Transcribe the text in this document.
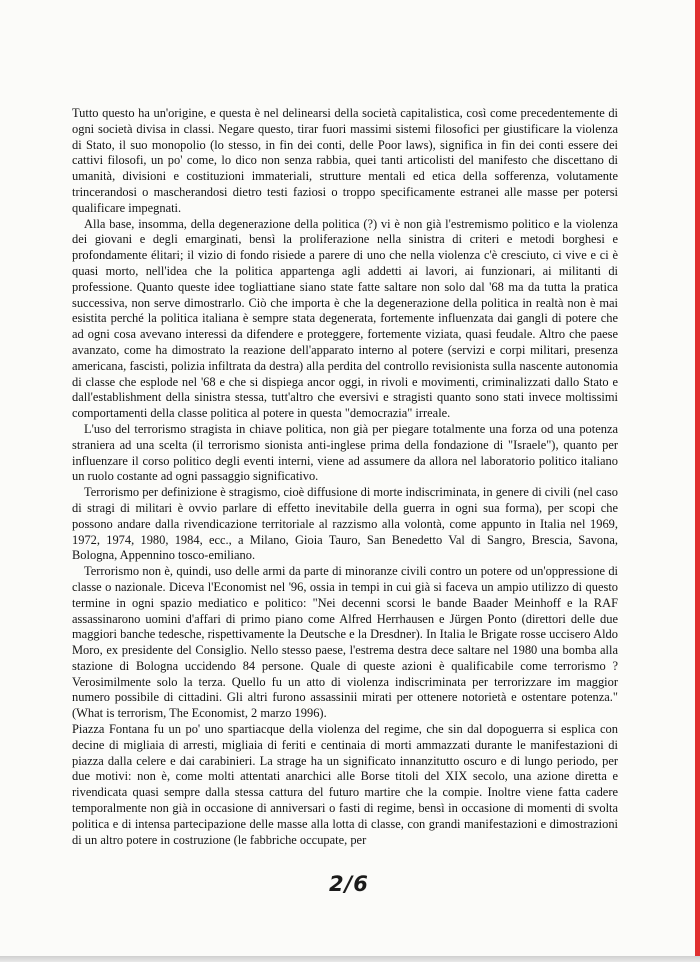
Tutto questo ha un'origine, e questa è nel delinearsi della società capitalistica, così come precedentemente di ogni società divisa in classi. Negare questo, tirar fuori massimi sistemi filosofici per giustificare la violenza di Stato, il suo monopolio (lo stesso, in fin dei conti, delle Poor laws), significa in fin dei conti essere dei cattivi filosofi, un po' come, lo dico non senza rabbia, quei tanti articolisti del manifesto che discettano di umanità, divisioni e costituzioni immateriali, strutture mentali ed etica della sofferenza, volutamente trincerandosi o mascherandosi dietro testi faziosi o troppo specificamente estranei alle masse per potersi qualificare impegnati.

Alla base, insomma, della degenerazione della politica (?) vi è non già l'estremismo politico e la violenza dei giovani e degli emarginati, bensì la proliferazione nella sinistra di criteri e metodi borghesi e profondamente élitari; il vizio di fondo risiede a parere di uno che nella violenza c'è cresciuto, ci vive e ci è quasi morto, nell'idea che la politica appartenga agli addetti ai lavori, ai funzionari, ai militanti di professione. Quanto queste idee togliattiane siano state fatte saltare non solo dal '68 ma da tutta la pratica successiva, non serve dimostrarlo. Ciò che importa è che la degenerazione della politica in realtà non è mai esistita perché la politica italiana è sempre stata degenerata, fortemente influenzata dai gangli di potere che ad ogni cosa avevano interessi da difendere e proteggere, fortemente viziata, quasi feudale. Altro che paese avanzato, come ha dimostrato la reazione dell'apparato interno al potere (servizi e corpi militari, presenza americana, fascisti, polizia infiltrata da destra) alla perdita del controllo revisionista sulla nascente autonomia di classe che esplode nel '68 e che si dispiega ancor oggi, in rivoli e movimenti, criminalizzati dallo Stato e dall'establishment della sinistra stessa, tutt'altro che eversivi e stragisti quanto sono stati invece moltissimi comportamenti della classe politica al potere in questa "democrazia" irreale.

L'uso del terrorismo stragista in chiave politica, non già per piegare totalmente una forza od una potenza straniera ad una scelta (il terrorismo sionista anti-inglese prima della fondazione di "Israele"), quanto per influenzare il corso politico degli eventi interni, viene ad assumere da allora nel laboratorio politico italiano un ruolo costante ad ogni passaggio significativo.

Terrorismo per definizione è stragismo, cioè diffusione di morte indiscriminata, in genere di civili (nel caso di stragi di militari è ovvio parlare di effetto inevitabile della guerra in ogni sua forma), per scopi che possono andare dalla rivendicazione territoriale al razzismo alla volontà, come appunto in Italia nel 1969, 1972, 1974, 1980, 1984, ecc., a Milano, Gioia Tauro, San Benedetto Val di Sangro, Brescia, Savona, Bologna, Appennino tosco-emiliano.

Terrorismo non è, quindi, uso delle armi da parte di minoranze civili contro un potere od un'oppressione di classe o nazionale. Diceva l'Economist nel '96, ossia in tempi in cui già si faceva un ampio utilizzo di questo termine in ogni spazio mediatico e politico: "Nei decenni scorsi le bande Baader Meinhoff e la RAF assassinarono uomini d'affari di primo piano come Alfred Herrhausen e Jürgen Ponto (direttori delle due maggiori banche tedesche, rispettivamente la Deutsche e la Dresdner). In Italia le Brigate rosse uccisero Aldo Moro, ex presidente del Consiglio. Nello stesso paese, l'estrema destra dece saltare nel 1980 una bomba alla stazione di Bologna uccidendo 84 persone. Quale di queste azioni è qualificabile come terrorismo ? Verosimilmente solo la terza. Quello fu un atto di violenza indiscriminata per terrorizzare im maggior numero possibile di cittadini. Gli altri furono assassinii mirati per ottenere notorietà e ostentare potenza." (What is terrorism, The Economist, 2 marzo 1996).

Piazza Fontana fu un po' uno spartiacque della violenza del regime, che sin dal dopoguerra si esplica con decine di migliaia di arresti, migliaia di feriti e centinaia di morti ammazzati durante le manifestazioni di piazza dalla celere e dai carabinieri. La strage ha un significato innanzitutto oscuro e di lungo periodo, per due motivi: non è, come molti attentati anarchici alle Borse titoli del XIX secolo, una azione diretta e rivendicata quasi sempre dalla stessa cattura del futuro martire che la compie. Inoltre viene fatta cadere temporalmente non già in occasione di anniversari o fasti di regime, bensì in occasione di momenti di svolta politica e di intensa partecipazione delle masse alla lotta di classe, con grandi manifestazioni e dimostrazioni di un altro potere in costruzione (le fabbriche occupate, per

2/6
